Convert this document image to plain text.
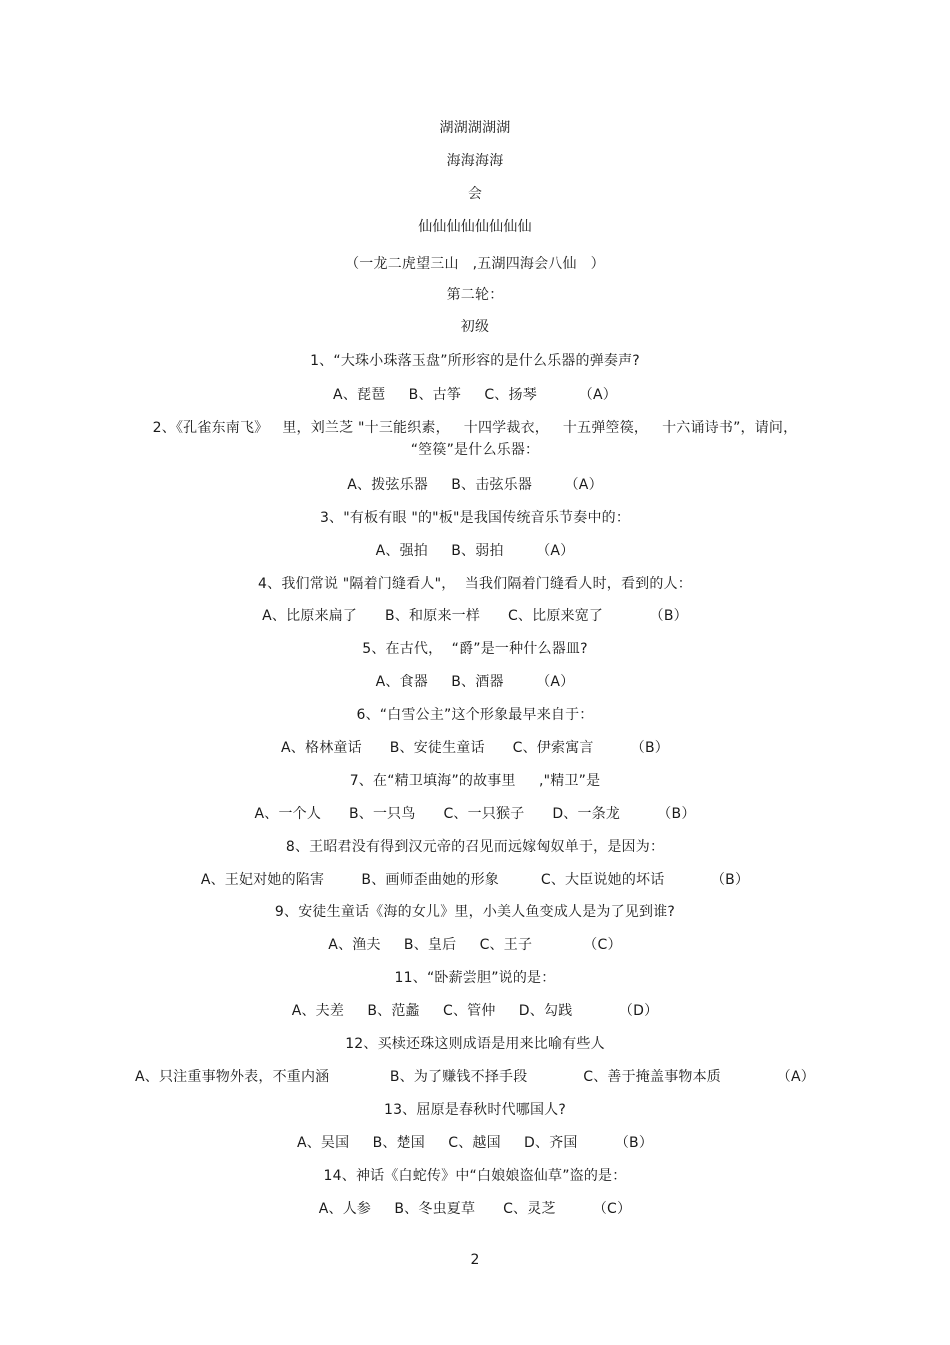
湖湖湖湖湖
海海海海
会
仙仙仙仙仙仙仙仙
（一龙二虎望三山   ,五湖四海会八仙   ）
第二轮：
初级
1、“大珠小珠落玉盘”所形容的是什么乐器的弹奏声?
A、琵琶     B、古筝     C、扬琴         （A）
2、《孔雀东南飞》   里，刘兰芝 "十三能织素，   十四学裁衣，   十五弹箜篌，   十六诵诗书”，请问，
“箜篌”是什么乐器：
A、拨弦乐器     B、击弦乐器       （A）
3、"有板有眼 "的"板"是我国传统音乐节奏中的：
A、强拍     B、弱拍       （A）
4、我们常说 "隔着门缝看人"，  当我们隔着门缝看人时，看到的人：
A、比原来扁了      B、和原来一样      C、比原来宽了          （B）
5、在古代，  “爵”是一种什么器皿?
A、食器     B、酒器       （A）
6、“白雪公主”这个形象最早来自于：
A、格林童话      B、安徒生童话      C、伊索寓言        （B）
7、在“精卫填海”的故事里     ,"精卫”是
A、一个人      B、一只鸟      C、一只猴子      D、一条龙        （B）
8、王昭君没有得到汉元帝的召见而远嫁匈奴单于，是因为：
A、王妃对她的陷害        B、画师歪曲她的形象         C、大臣说她的坏话          （B）
9、安徒生童话《海的女儿》里，小美人鱼变成人是为了见到谁?
A、渔夫     B、皇后     C、王子           （C）
11、“卧薪尝胆”说的是：
A、夫差     B、范蠡     C、管仲     D、勾践          （D）
12、买椟还珠这则成语是用来比喻有些人
A、只注重事物外表，不重内涵             B、为了赚钱不择手段            C、善于掩盖事物本质            （A）
13、屈原是春秋时代哪国人?
A、吴国     B、楚国     C、越国     D、齐国        （B）
14、神话《白蛇传》中“白娘娘盗仙草”盗的是：
A、人参     B、冬虫夏草      C、灵芝        （C）
2
